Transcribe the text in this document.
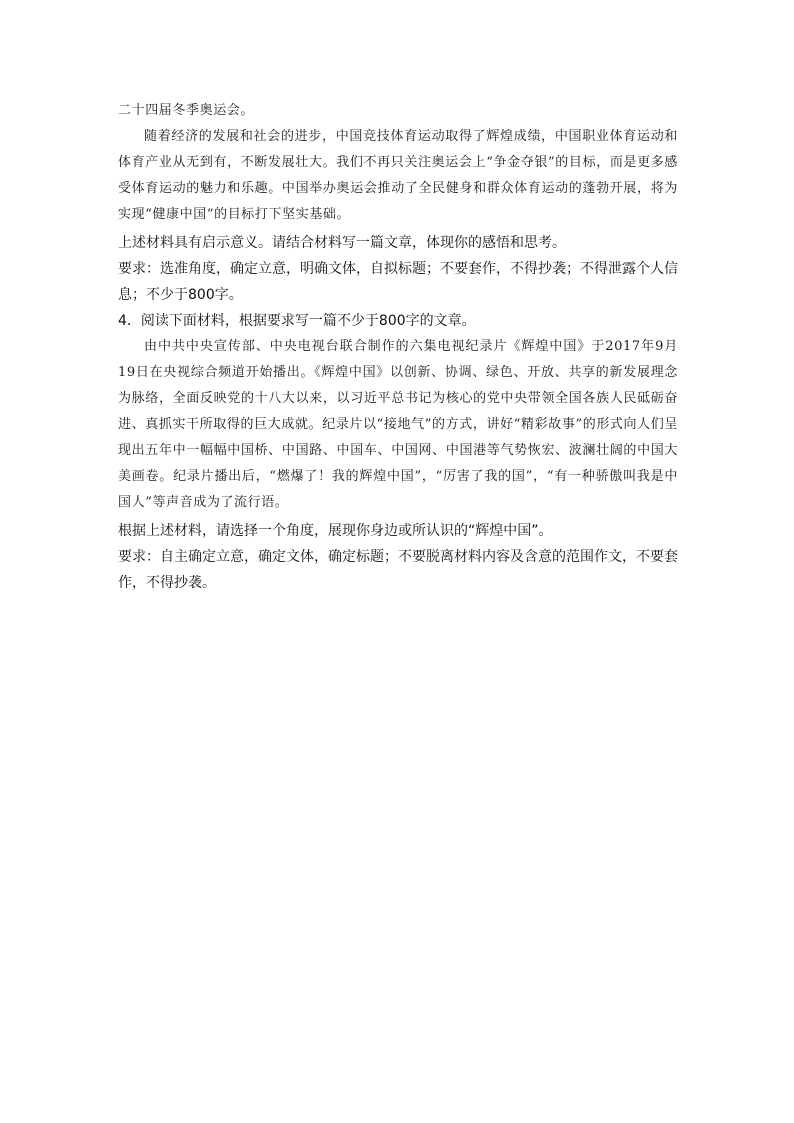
二十四届冬季奥运会。

随着经济的发展和社会的进步，中国竞技体育运动取得了辉煌成绩，中国职业体育运动和体育产业从无到有，不断发展壮大。我们不再只关注奥运会上“争金夺银”的目标，而是更多感受体育运动的魅力和乐趣。中国举办奥运会推动了全民健身和群众体育运动的蓬勃开展，将为实现“健康中国”的目标打下坚实基础。

上述材料具有启示意义。请结合材料写一篇文章，体现你的感悟和思考。

要求：选准角度，确定立意，明确文体，自拟标题；不要套作，不得抄袭；不得泄露个人信息；不少于800字。

4．阅读下面材料，根据要求写一篇不少于800字的文章。

由中共中央宣传部、中央电视台联合制作的六集电视纪录片《辉煌中国》于2017年9月19日在央视综合频道开始播出。《辉煌中国》以创新、协调、绿色、开放、共享的新发展理念为脉络，全面反映党的十八大以来，以习近平总书记为核心的党中央带领全国各族人民砥砺奋进、真抓实干所取得的巨大成就。纪录片以“接地气”的方式，讲好“精彩故事”的形式向人们呈现出五年中一幅幅中国桥、中国路、中国车、中国网、中国港等气势恢宏、波澜壮阔的中国大美画卷。纪录片播出后，“燃爆了！我的辉煌中国”，“厉害了我的国”，“有一种骄傲叫我是中国人”等声音成为了流行语。

根据上述材料，请选择一个角度，展现你身边或所认识的“辉煌中国”。

要求：自主确定立意，确定文体，确定标题；不要脱离材料内容及含意的范围作文，不要套作，不得抄袭。
